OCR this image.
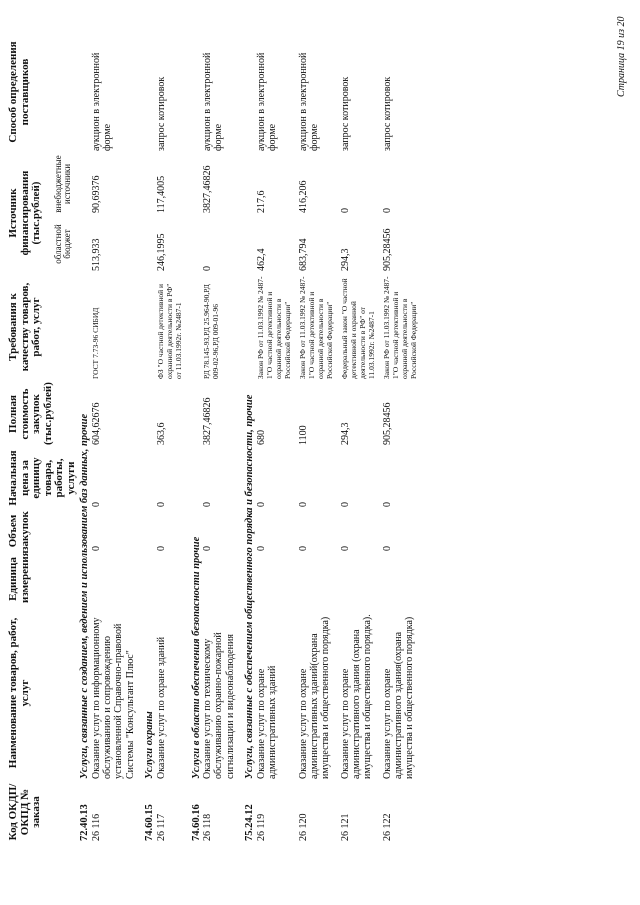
Код ОКДП/ ОКПД № заказа	Наименование товаров, работ, услуг	Единица измерения	Объем закупок	Начальная цена за единицу товара, работы, услуги	Полная стоимость закупок (тыс.рублей)	Требования к качеству товаров, работ, услуг	Источник финансирования (тыс.рублей)		Способ определения поставщиков
							областной бюджет	внебюджетные источники	
72.40.13	Услуги, связанные с созданием, ведением и использованием баз данных, прочие								
26 116	Оказание услуг по информационному обслуживанию и сопровождению установленной Справочно-правовой Системы "Консультант Плюс"		0	0	604,62676	ГОСТ 7.73-96 СИБИД	513,933	90,69376	аукцион в электронной форме
74.60.15	Услуги охраны								
26 117	Оказание услуг по охране зданий		0	0	363,6	ФЗ "О частной детективной и охранной деятельности в РФ" от 11.03.1992г. №2487-1	246,1995	117,4005	запрос котировок
74.60.16	Услуги в области обеспечения безопасности прочие								
26 118	Оказание услуг по техническому обслуживанию охранно-пожарной сигнализации и видеонаблюдения		0	0	3827,46826	РД 78.145-93,РД 25.964-90,РД 009-02-96,РД 009-01-96	0	3827,46826	аукцион в электронной форме
75.24.12	Услуги, связанные с обеспечением общественного порядка и безопасности, прочие								
26 119	Оказание услуг по охране административных зданий		0	0	680	Закон РФ от 11.03.1992 № 2487-1"О частной детективной и охранной деятельности в Российской Федерации"	462,4	217,6	аукцион в электронной форме
26 120	Оказание услуг по охране административных зданий(охрана имущества и общественного порядка)		0	0	1100	Закон РФ от 11.03.1992 № 2487-1"О частной детективной и охранной деятельности в Российской Федерации"	683,794	416,206	аукцион в электронной форме
26 121	Оказание услуг по охране административного здания (охрана имущества и общественного порядка).		0	0	294,3	Федеральный закон "О частной детективной и охранной деятельности в РФ" от 11.03.1992г. №2487-1	294,3	0	запрос котировок
26 122	Оказание услуг по охране административного здания(охрана имущества и общественного порядка)		0	0	905,28456	Закон РФ от 11.03.1992 № 2487-1"О частной детективной и охранной деятельности в Российской Федерации"	905,28456	0	запрос котировок
Страница 19 из 20
